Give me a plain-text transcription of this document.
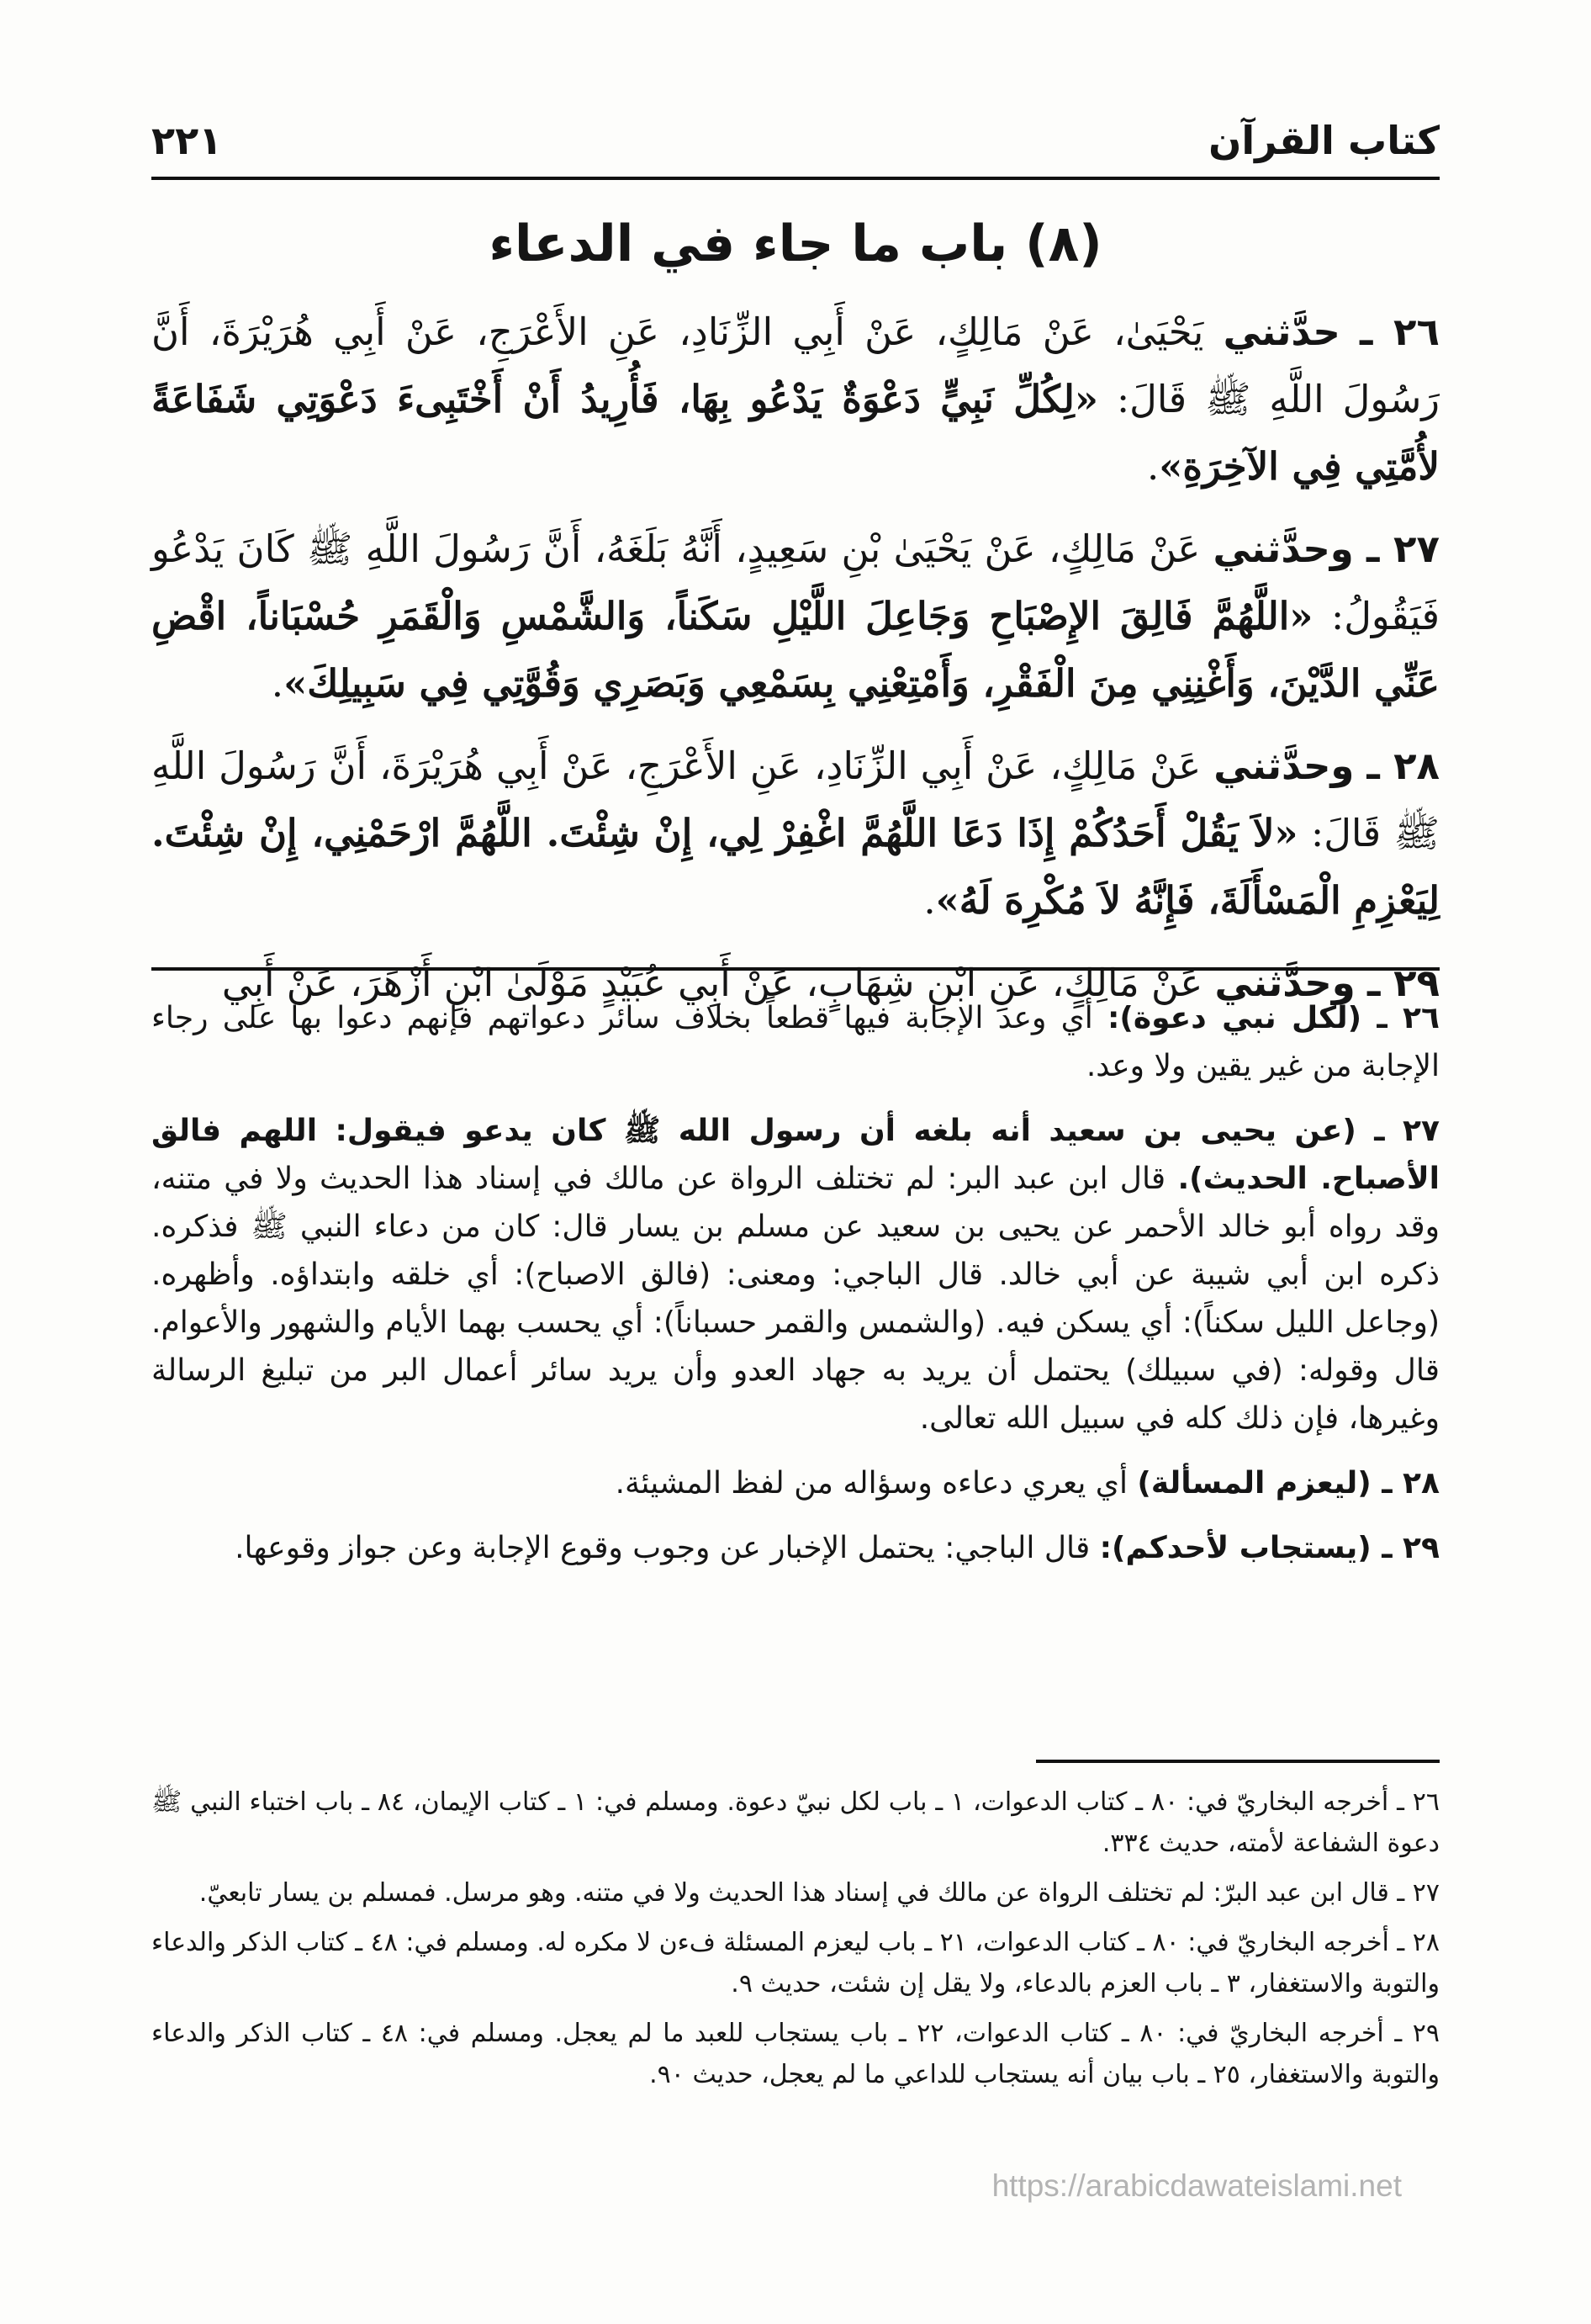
كتاب القرآن
٢٢١
(٨) باب ما جاء في الدعاء

٢٦ ـ حدَّثني يَحْيَىٰ، عَنْ مَالِكٍ، عَنْ أَبِي الزِّنَادِ، عَنِ الأَعْرَجِ، عَنْ أَبِي هُرَيْرَةَ، أَنَّ رَسُولَ اللَّهِ ﷺ قَالَ: «لِكُلِّ نَبِيٍّ دَعْوَةٌ يَدْعُو بِهَا، فَأُرِيدُ أَنْ أَخْتَبِىءَ دَعْوَتِي شَفَاعَةً لأُمَّتِي فِي الآخِرَةِ».

٢٧ ـ وحدَّثني عَنْ مَالِكٍ، عَنْ يَحْيَىٰ بْنِ سَعِيدٍ، أَنَّهُ بَلَغَهُ، أَنَّ رَسُولَ اللَّهِ ﷺ كَانَ يَدْعُو فَيَقُولُ: «اللَّهُمَّ فَالِقَ الإِصْبَاحِ وَجَاعِلَ اللَّيْلِ سَكَناً، وَالشَّمْسِ وَالْقَمَرِ حُسْبَاناً، اقْضِ عَنِّي الدَّيْنَ، وَأَغْنِنِي مِنَ الْفَقْرِ، وَأَمْتِعْنِي بِسَمْعِي وَبَصَرِي وَقُوَّتِي فِي سَبِيلِكَ».

٢٨ ـ وحدَّثني عَنْ مَالِكٍ، عَنْ أَبِي الزِّنَادِ، عَنِ الأَعْرَجِ، عَنْ أَبِي هُرَيْرَةَ، أَنَّ رَسُولَ اللَّهِ ﷺ قَالَ: «لاَ يَقُلْ أَحَدُكُمْ إِذَا دَعَا اللَّهُمَّ اغْفِرْ لِي، إِنْ شِئْتَ. اللَّهُمَّ ارْحَمْنِي، إِنْ شِئْتَ. لِيَعْزِمِ الْمَسْأَلَةَ، فَإِنَّهُ لاَ مُكْرِهَ لَهُ».

٢٩ ـ وحدَّثني عَنْ مَالِكٍ، عَنِ ابْنِ شِهَابٍ، عَنْ أَبِي عُبَيْدٍ مَوْلَىٰ ابْنِ أَزْهَرَ، عَنْ أَبِي

٢٦ ـ (لكل نبي دعوة): أي وعد الإجابة فيها قطعاً بخلاف سائر دعواتهم فإنهم دعوا بها على رجاء الإجابة من غير يقين ولا وعد.

٢٧ ـ (عن يحيى بن سعيد أنه بلغه أن رسول الله ﷺ كان يدعو فيقول: اللهم فالق الأصباح. الحديث). قال ابن عبد البر: لم تختلف الرواة عن مالك في إسناد هذا الحديث ولا في متنه، وقد رواه أبو خالد الأحمر عن يحيى بن سعيد عن مسلم بن يسار قال: كان من دعاء النبي ﷺ فذكره. ذكره ابن أبي شيبة عن أبي خالد. قال الباجي: ومعنى: (فالق الاصباح): أي خلقه وابتداؤه. وأظهره. (وجاعل الليل سكناً): أي يسكن فيه. (والشمس والقمر حسباناً): أي يحسب بهما الأيام والشهور والأعوام. قال وقوله: (في سبيلك) يحتمل أن يريد به جهاد العدو وأن يريد سائر أعمال البر من تبليغ الرسالة وغيرها، فإن ذلك كله في سبيل الله تعالى.

٢٨ ـ (ليعزم المسألة) أي يعري دعاءه وسؤاله من لفظ المشيئة.

٢٩ ـ (يستجاب لأحدكم): قال الباجي: يحتمل الإخبار عن وجوب وقوع الإجابة وعن جواز وقوعها.

٢٦ ـ أخرجه البخاريّ في: ٨٠ ـ كتاب الدعوات، ١ ـ باب لكل نبيّ دعوة. ومسلم في: ١ ـ كتاب الإيمان، ٨٤ ـ باب اختباء النبي ﷺ دعوة الشفاعة لأمته، حديث ٣٣٤.

٢٧ ـ قال ابن عبد البرّ: لم تختلف الرواة عن مالك في إسناد هذا الحديث ولا في متنه. وهو مرسل. فمسلم بن يسار تابعيّ.

٢٨ ـ أخرجه البخاريّ في: ٨٠ ـ كتاب الدعوات، ٢١ ـ باب ليعزم المسئلة فءن لا مكره له. ومسلم في: ٤٨ ـ كتاب الذكر والدعاء والتوبة والاستغفار، ٣ ـ باب العزم بالدعاء، ولا يقل إن شئت، حديث ٩.

٢٩ ـ أخرجه البخاريّ في: ٨٠ ـ كتاب الدعوات، ٢٢ ـ باب يستجاب للعبد ما لم يعجل. ومسلم في: ٤٨ ـ كتاب الذكر والدعاء والتوبة والاستغفار، ٢٥ ـ باب بيان أنه يستجاب للداعي ما لم يعجل، حديث ٩٠.

https://arabicdawateislami.net
